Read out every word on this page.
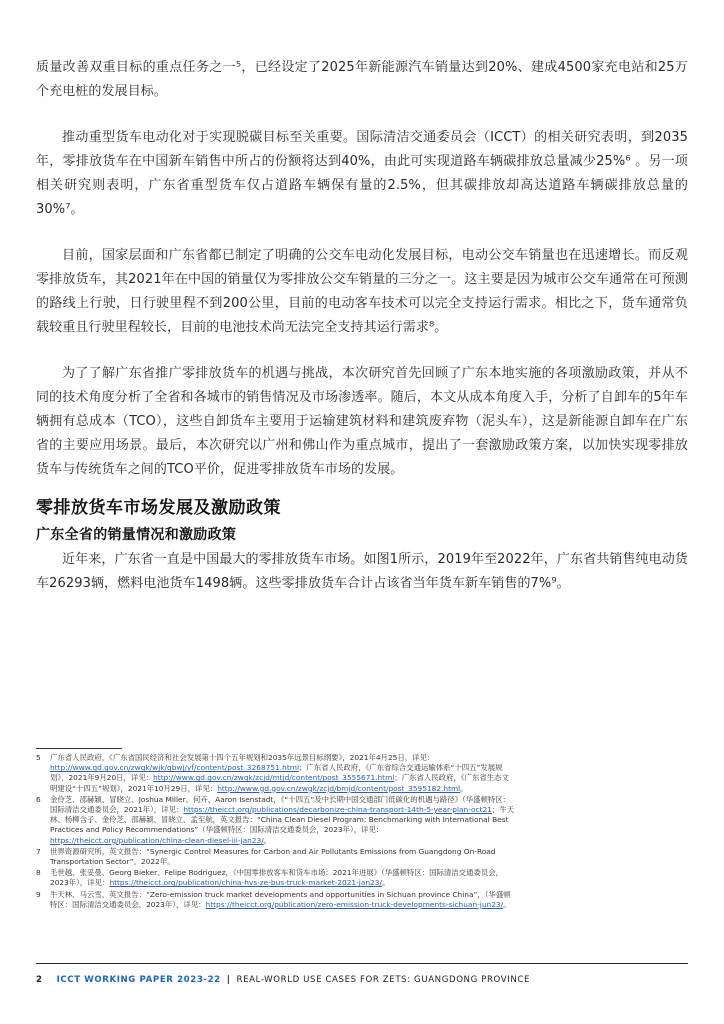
质量改善双重目标的重点任务之一⁵，已经设定了2025年新能源汽车销量达到20%、建成4500家充电站和25万个充电桩的发展目标。

推动重型货车电动化对于实现脱碳目标至关重要。国际清洁交通委员会（ICCT）的相关研究表明，到2035年，零排放货车在中国新车销售中所占的份额将达到40%，由此可实现道路车辆碳排放总量减少25%⁶ 。另一项相关研究则表明，广东省重型货车仅占道路车辆保有量的2.5%，但其碳排放却高达道路车辆碳排放总量的30%⁷。

目前，国家层面和广东省都已制定了明确的公交车电动化发展目标，电动公交车销量也在迅速增长。而反观零排放货车，其2021年在中国的销量仅为零排放公交车销量的三分之一。这主要是因为城市公交车通常在可预测的路线上行驶，日行驶里程不到200公里，目前的电动客车技术可以完全支持运行需求。相比之下，货车通常负载较重且行驶里程较长，目前的电池技术尚无法完全支持其运行需求⁸。

为了了解广东省推广零排放货车的机遇与挑战，本次研究首先回顾了广东本地实施的各项激励政策，并从不同的技术角度分析了全省和各城市的销售情况及市场渗透率。随后，本文从成本角度入手，分析了自卸车的5年车辆拥有总成本（TCO），这些自卸货车主要用于运输建筑材料和建筑废弃物（泥头车），这是新能源自卸车在广东省的主要应用场景。最后，本次研究以广州和佛山作为重点城市，提出了一套激励政策方案，以加快实现零排放货车与传统货车之间的TCO平价，促进零排放货车市场的发展。

零排放货车市场发展及激励政策
广东全省的销量情况和激励政策

近年来，广东省一直是中国最大的零排放货车市场。如图1所示，2019年至2022年，广东省共销售纯电动货车26293辆，燃料电池货车1498辆。这些零排放货车合计占该省当年货车新车销售的7%⁹。

5	广东省人民政府，《广东省国民经济和社会发展第十四个五年规划和2035年远景目标纲要》，2021年4月25日，详见：http://www.gd.gov.cn/zwgk/wjk/qbwj/yf/content/post_3268751.html；广东省人民政府，《广东省综合交通运输体系“十四五”发展规划》，2021年9月20日，详见：http://www.gd.gov.cn/zwgk/zcjd/mtjd/content/post_3555671.html；广东省人民政府，《广东省生态文明建设“十四五”规划》，2021年10月29日，详见：http://www.gd.gov.cn/zwgk/zcjd/bmjd/content/post_3595182.html。
6	金伶芝、邵赫颖、冒晓立、Joshua Miller、何卉、Aaron Isenstadt，《“十四五”及中长期中国交通部门低碳化的机遇与路径》（华盛顿特区：国际清洁交通委员会，2021年），详见：https://theicct.org/publications/decarbonize-china-transport-14th-5-year-plan-oct21；牛天林、杨柳含子、金伶芝、邵赫颖、冒晓立、孟至航，英文报告：“China Clean Diesel Program: Benchmarking with International Best Practices and Policy Recommendations”（华盛顿特区：国际清洁交通委员会，2023年），详见：https://theicct.org/publication/china-clean-diesel-iii-jan23/。
7	世界资源研究所，英文报告：“Synergic Control Measures for Carbon and Air Pollutants Emissions from Guangdong On-Road Transportation Sector”，2022年。
8	毛世越、张妥曼、Georg Bieker、Felipe Rodriguez，《中国零排放客车和货车市场：2021年进展》（华盛顿特区：国际清洁交通委员会，2023年），详见：https://theicct.org/publication/china-hvs-ze-bus-truck-market-2021-jan23/。
9	牛天林、马云雪，英文报告：“Zero-emission truck market developments and opportunities in Sichuan province China”，（华盛顿特区：国际清洁交通委员会，2023年），详见：https://theicct.org/publication/zero-emission-truck-developments-sichuan-jun23/。
2 ICCT WORKING PAPER 2023-22 | REAL-WORLD USE CASES FOR ZETS: GUANGDONG PROVINCE
